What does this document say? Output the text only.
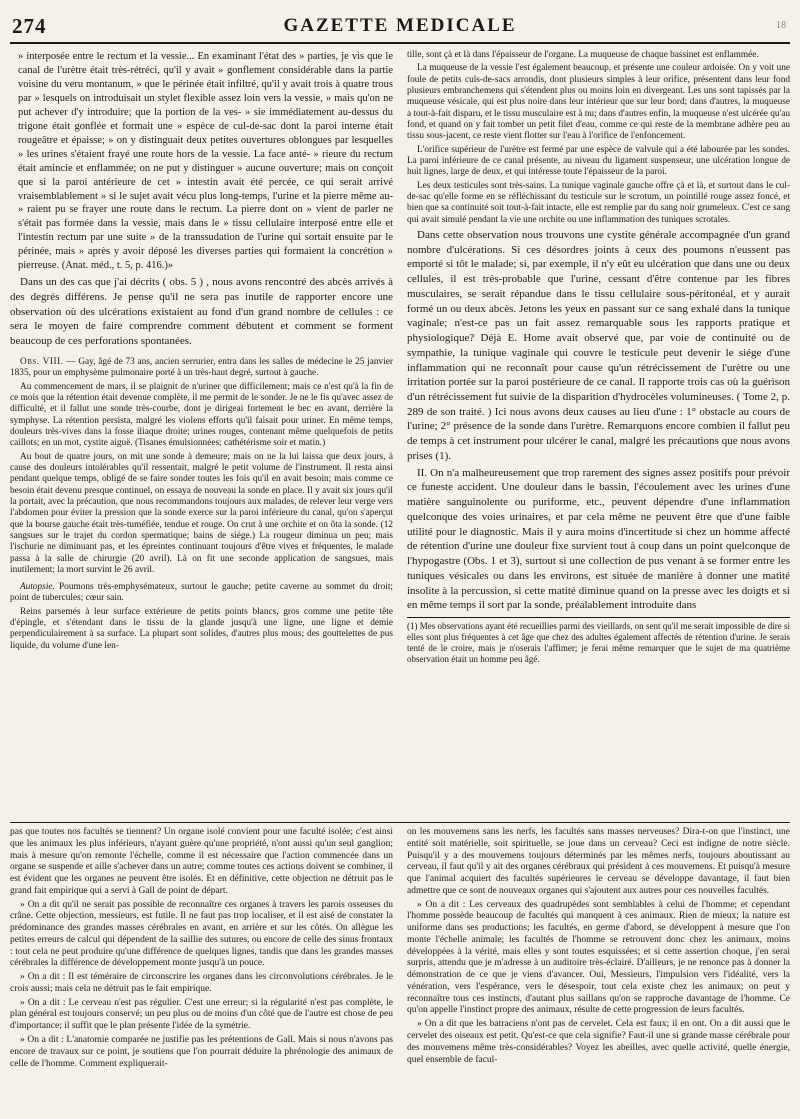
274	GAZETTE MEDICALE	18

» interposée entre le rectum et la vessie... En examinant l'état des » parties, je vis que le canal de l'urètre était très-rétréci, qu'il y avait » gonflement considérable dans la partie voisine du veru montanum, » que le périnée était infiltré, qu'il y avait trois à quatre trous par » lesquels on introduisait un stylet flexible assez loin vers la vessie, » mais qu'on ne put achever d'y introduire; que la portion de la ves- » sie immédiatement au-dessus du trigone était gonflée et formait une » espèce de cul-de-sac dont la paroi interne était rougeâtre et épaisse; » on y distinguait deux petites ouvertures oblongues par lesquelles » les urines s'étaient frayé une route hors de la vessie. La face anté- » rieure du rectum était amincie et enflammée; on ne put y distinguer » aucune ouverture; mais on conçoit que si la paroi antérieure de cet » intestin avait été percée, ce qui serait arrivé vraisemblablement » si le sujet avait vécu plus long-temps, l'urine et la pierre même au- » raient pu se frayer une route dans le rectum. La pierre dont on » vient de parler ne s'était pas formée dans la vessie, mais dans le » tissu cellulaire interposé entre elle et l'intestin rectum par une suite » de la transsudation de l'urine qui sortait ensuite par le périnée, mais » après y avoir déposé les diverses parties qui formaient la concrétion » pierreuse. (Anat. méd., t. 5, p. 416.)»

Dans un des cas que j'ai décrits ( obs. 5 ) , nous avons rencontré des abcès arrivés à des degrés différens. Je pense qu'il ne sera pas inutile de rapporter encore une observation où des ulcérations existaient au fond d'un grand nombre de cellules : ce sera le moyen de faire comprendre comment débutent et comment se forment beaucoup de ces perforations spontanées.

Obs. VIII. — Gay, âgé de 73 ans, ancien serrurier, entra dans les salles de médecine le 25 janvier 1835, pour un emphysème pulmonaire porté à un très-haut degré, surtout à gauche.

Au commencement de mars, il se plaignit de n'uriner que difficilement; mais ce n'est qu'à la fin de ce mois que la rétention était devenue complète, il me permit de le sonder. Je ne le fis qu'avec assez de difficulté, et il fallut une sonde très-courbe, dont je dirigeai fortement le bec en avant, derrière la symphyse. La rétention persista, malgré les violens efforts qu'il faisait pour uriner. En même temps, douleurs très-vives dans la fosse iliaque droite; urines rouges, contenant même quelquefois de petits caillots; en un mot, cystite aiguë. (Tisanes émulsionnées; cathétérisme soir et matin.)

Au bout de quatre jours, on mit une sonde à demeure; mais on ne la lui laissa que deux jours, à cause des douleurs intolérables qu'il ressentait, malgré le petit volume de l'instrument. Il resta ainsi pendant quelque temps, obligé de se faire sonder toutes les fois qu'il en avait besoin; mais comme ce besoin était devenu presque continuel, on essaya de nouveau la sonde en place. Il y avait six jours qu'il la portait, avec la précaution, que nous recommandons toujours aux malades, de relever leur verge vers l'abdomen pour éviter la pression que la sonde exerce sur la paroi inférieure du canal, qu'on s'aperçut que la bourse gauche était très-tuméfiée, tendue et rouge. On crut à une orchite et on ôta la sonde. (12 sangsues sur le trajet du cordon spermatique; bains de siége.) La rougeur diminua un peu; mais l'ischurie ne diminuant pas, et les épreintes continuant toujours d'être vives et fréquentes, le malade passa à la salle de chirurgie (20 avril). Là on fit une seconde application de sangsues, mais inutilement; la mort survint le 26 avril.

Autopsie. Poumons très-emphysémateux, surtout le gauche; petite caverne au sommet du droit; point de tubercules; cœur sain.

Reins parsemés à leur surface extérieure de petits points blancs, gros comme une petite tête d'épingle, et s'étendant dans le tissu de la glande jusqu'à une ligne, une ligne et demie perpendiculairement à sa surface. La plupart sont solides, d'autres plus mous; des gouttelettes de pus liquide, du volume d'une len-

tille, sont çà et là dans l'épaisseur de l'organe. La muqueuse de chaque bassinet est enflammée.

La muqueuse de la vessie l'est également beaucoup, et présente une couleur ardoisée. On y voit une foule de petits culs-de-sacs arrondis, dont plusieurs simples à leur orifice, présentent dans leur fond plusieurs embranchemens qui s'étendent plus ou moins loin en divergeant. Les uns sont tapissés par la muqueuse vésicale, qui est plus noire dans leur intérieur que sur leur bord; dans d'autres, la muqueuse a tout-à-fait disparu, et le tissu musculaire est à nu; dans d'autres enfin, la muqueuse n'est ulcérée qu'au fond, et quand on y fait tomber un petit filet d'eau, comme ce qui reste de la membrane adhère peu au tissu sous-jacent, ce reste vient flotter sur l'eau à l'orifice de l'enfoncement.

L'orifice supérieur de l'urètre est fermé par une espèce de valvule qui a été labourée par les sondes. La paroi inférieure de ce canal présente, au niveau du ligament suspenseur, une ulcération longue de huit lignes, large de deux, et qui intéresse toute l'épaisseur de la paroi.

Les deux testicules sont très-sains. La tunique vaginale gauche offre çà et là, et surtout dans le cul-de-sac qu'elle forme en se réfléchissant du testicule sur le scrotum, un pointillé rouge assez foncé, et bien que sa continuité soit tout-à-fait intacte, elle est remplie par du sang noir grumeleux. C'est ce sang qui avait simulé pendant la vie une orchite ou une inflammation des tuniques scrotales.

Dans cette observation nous trouvons une cystite générale accompagnée d'un grand nombre d'ulcérations. Si ces désordres joints à ceux des poumons n'eussent pas emporté si tôt le malade; si, par exemple, il n'y eût eu ulcération que dans une ou deux cellules, il est très-probable que l'urine, cessant d'être contenue par les fibres musculaires, se serait répandue dans le tissu cellulaire sous-péritonéal, et y aurait formé un ou deux abcès. Jetons les yeux en passant sur ce sang exhalé dans la tunique vaginale; n'est-ce pas un fait assez remarquable sous les rapports pratique et physiologique? Déjà E. Home avait observé que, par voie de continuité ou de sympathie, la tunique vaginale qui couvre le testicule peut devenir le siége d'une inflammation qui ne reconnaît pour cause qu'un rétrécissement de l'urètre ou une irritation portée sur la paroi postérieure de ce canal. Il rapporte trois cas où la guérison d'un rétrécissement fut suivie de la disparition d'hydrocèles volumineuses. ( Tome 2, p. 289 de son traité. ) Ici nous avons deux causes au lieu d'une : 1° obstacle au cours de l'urine; 2° présence de la sonde dans l'urètre. Remarquons encore combien il fallut peu de temps à cet instrument pour ulcérer le canal, malgré les précautions que nous avons prises (1).

II. On n'a malheureusement que trop rarement des signes assez positifs pour prévoir ce funeste accident. Une douleur dans le bassin, l'écoulement avec les urines d'une matière sanguinolente ou puriforme, etc., peuvent dépendre d'une inflammation quelconque des voies urinaires, et par cela même ne peuvent être que d'une faible utilité pour le diagnostic. Mais il y aura moins d'incertitude si chez un homme affecté de rétention d'urine une douleur fixe survient tout à coup dans un point quelconque de l'hypogastre (Obs. 1 et 3), surtout si une collection de pus venant à se former entre les tuniques vésicales ou dans les environs, est située de manière à donner une matité insolite à la percussion, si cette matité diminue quand on la presse avec les doigts et si en même temps il sort par la sonde, préalablement introduite dans

(1) Mes observations ayant été recueillies parmi des vieillards, on sent qu'il me serait impossible de dire si elles sont plus fréquentes à cet âge que chez des adultes également affectés de rétention d'urine. Je serais tenté de le croire, mais je n'oserais l'affimer; je ferai même remarquer que le sujet de ma quatrième observation était un homme peu âgé.

pas que toutes nos facultés se tiennent? Un organe isolé convient pour une faculté isolée; c'est ainsi que les animaux les plus inférieurs, n'ayant guère qu'une propriété, n'ont aussi qu'un seul ganglion; mais à mesure qu'on remonte l'échelle, comme il est nécessaire que l'action commencée dans un organe se suspende et aille s'achever dans un autre; comme toutes ces actions doivent se combiner, il est évident que les organes ne peuvent être isolés. Et en définitive, cette objection ne détruit pas le grand fait empirique qui a servi à Gall de point de départ.

» On a dit qu'il ne serait pas possible de reconnaître ces organes à travers les parois osseuses du crâne. Cette objection, messieurs, est futile. Il ne faut pas trop localiser, et il est aisé de constater la prédominance des grandes masses cérébrales en avant, en arrière et sur les côtés. On allègue les petites erreurs de calcul qui dépendent de la saillie des sutures, ou encore de celle des sinus frontaux : tout cela ne peut produire qu'une différence de quelques lignes, tandis que dans les grandes masses cérébrales la différence de développement monte jusqu'à un pouce.

» On a dit : Il est téméraire de circonscrire les organes dans les circonvolutions cérébrales. Je le crois aussi; mais cela ne détruit pas le fait empirique.

» On a dit : Le cerveau n'est pas régulier. C'est une erreur; si la régularité n'est pas complète, le plan général est toujours conservé; un peu plus ou de moins d'un côté que de l'autre est chose de peu d'importance; il suffit que le plan présente l'idée de la symétrie.

» On a dit : L'anatomie comparée ne justifie pas les prétentions de Gall. Mais si nous n'avons pas encore de travaux sur ce point, je soutiens que l'on pourrait déduire la phrénologie des animaux de celle de l'homme. Comment expliquerait-

on les mouvemens sans les nerfs, les facultés sans masses nerveuses? Dira-t-on que l'instinct, une entité soit matérielle, soit spirituelle, se joue dans un cerveau? Ceci est indigne de notre siècle. Puisqu'il y a des mouvemens toujours déterminés par les mêmes nerfs, toujours aboutissant au cerveau, il faut qu'il y ait des organes cérébraux qui président à ces mouvemens. Et puisqu'à mesure que l'animal acquiert des facultés supérieures le cerveau se développe davantage, il faut bien admettre que ce sont de nouveaux organes qui s'ajoutent aux autres pour ces nouvelles facultés.

» On a dit : Les cerveaux des quadrupèdes sont semblables à celui de l'homme; et cependant l'homme possède beaucoup de facultés qui manquent à ces animaux. Rien de mieux; la nature est uniforme dans ses productions; les facultés, en germe d'abord, se développent à mesure que l'on monte l'échelle animale; les facultés de l'homme se retrouvent donc chez les animaux, moins développées à la vérité, mais elles y sont toutes esquissées; et si cette assertion choque, j'en serai surpris, attendu que je m'adresse à un auditoire très-éclairé. D'ailleurs, je ne renonce pas à donner la démonstration de ce que je viens d'avancer. Oui, Messieurs, l'impulsion vers l'idéalité, vers la vénération, vers l'espérance, vers le désespoir, tout cela existe chez les animaux; on peut y reconnaître tous ces instincts, d'autant plus saillans qu'on se rapproche davantage de l'homme. Ce qu'on appelle l'instinct propre des animaux, résulte de cette progression de leurs facultés.

» On a dit que les batraciens n'ont pas de cervelet. Cela est faux; il en ont. On a dit aussi que le cervelet des oiseaux est petit. Qu'est-ce que cela signifie? Faut-il une si grande masse cérébrale pour des mouvemens même très-considérables? Voyez les abeilles, avec quelle activité, quelle énergie, quel ensemble de facul-
